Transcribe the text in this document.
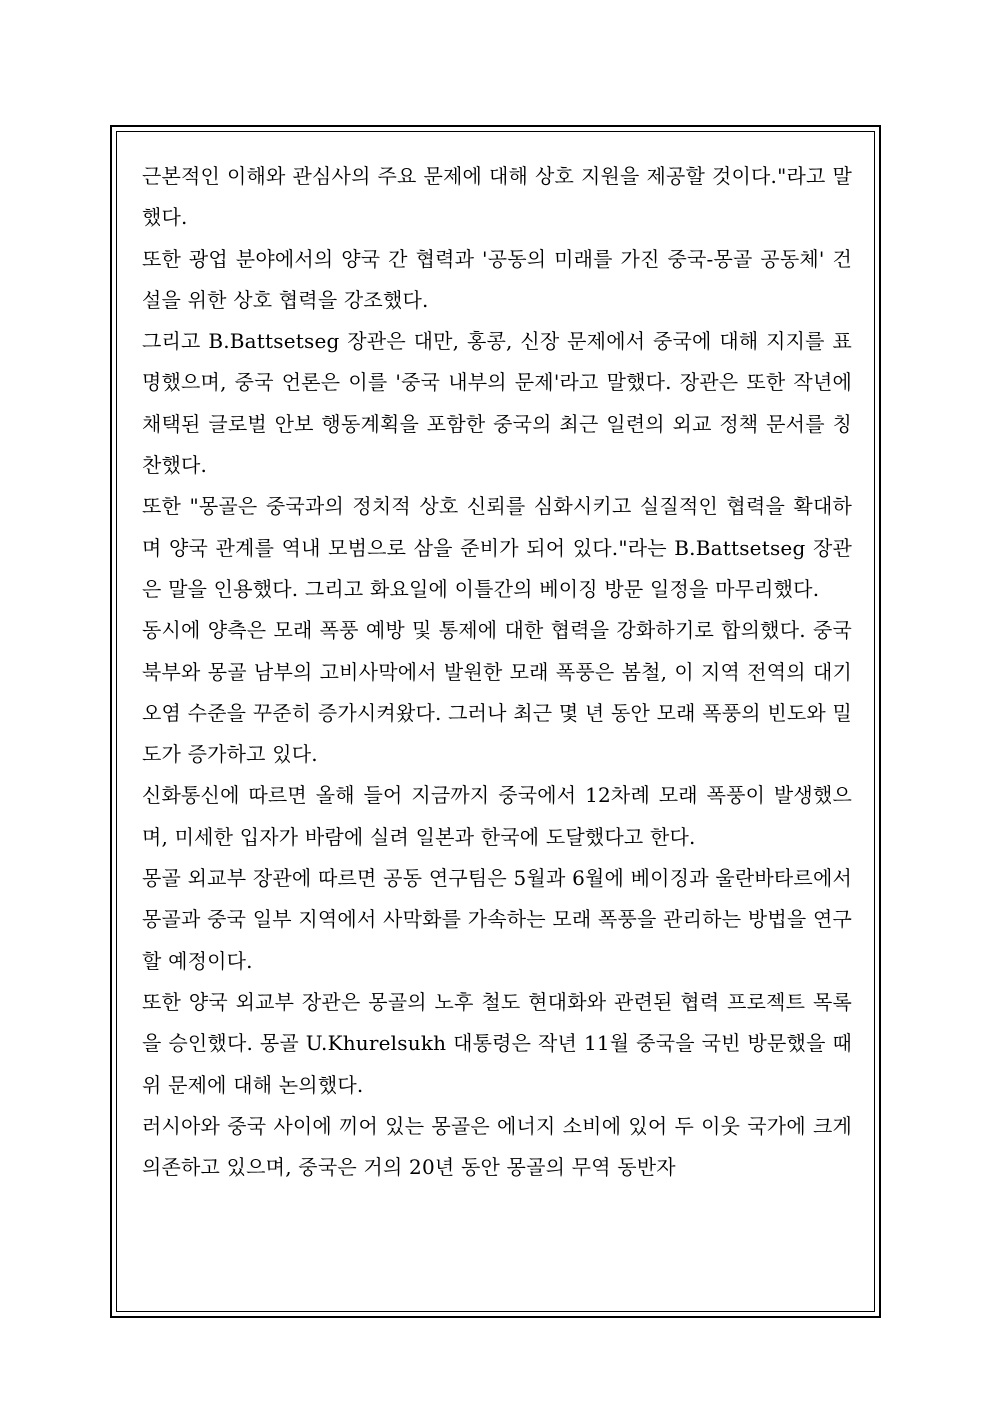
근본적인 이해와 관심사의 주요 문제에 대해 상호 지원을 제공할 것이다."라고 말했다.

또한 광업 분야에서의 양국 간 협력과 '공동의 미래를 가진 중국-몽골 공동체' 건설을 위한 상호 협력을 강조했다.

그리고 B.Battsetseg 장관은 대만, 홍콩, 신장 문제에서 중국에 대해 지지를 표명했으며, 중국 언론은 이를 '중국 내부의 문제'라고 말했다. 장관은 또한 작년에 채택된 글로벌 안보 행동계획을 포함한 중국의 최근 일련의 외교 정책 문서를 칭찬했다.

또한 "몽골은 중국과의 정치적 상호 신뢰를 심화시키고 실질적인 협력을 확대하며 양국 관계를 역내 모범으로 삼을 준비가 되어 있다."라는 B.Battsetseg 장관은 말을 인용했다. 그리고 화요일에 이틀간의 베이징 방문 일정을 마무리했다.

동시에 양측은 모래 폭풍 예방 및 통제에 대한 협력을 강화하기로 합의했다. 중국 북부와 몽골 남부의 고비사막에서 발원한 모래 폭풍은 봄철, 이 지역 전역의 대기 오염 수준을 꾸준히 증가시켜왔다. 그러나 최근 몇 년 동안 모래 폭풍의 빈도와 밀도가 증가하고 있다.

신화통신에 따르면 올해 들어 지금까지 중국에서 12차례 모래 폭풍이 발생했으며, 미세한 입자가 바람에 실려 일본과 한국에 도달했다고 한다.

몽골 외교부 장관에 따르면 공동 연구팀은 5월과 6월에 베이징과 울란바타르에서 몽골과 중국 일부 지역에서 사막화를 가속하는 모래 폭풍을 관리하는 방법을 연구할 예정이다.

또한 양국 외교부 장관은 몽골의 노후 철도 현대화와 관련된 협력 프로젝트 목록을 승인했다. 몽골 U.Khurelsukh 대통령은 작년 11월 중국을 국빈 방문했을 때 위 문제에 대해 논의했다.

러시아와 중국 사이에 끼어 있는 몽골은 에너지 소비에 있어 두 이웃 국가에 크게 의존하고 있으며, 중국은 거의 20년 동안 몽골의 무역 동반자
